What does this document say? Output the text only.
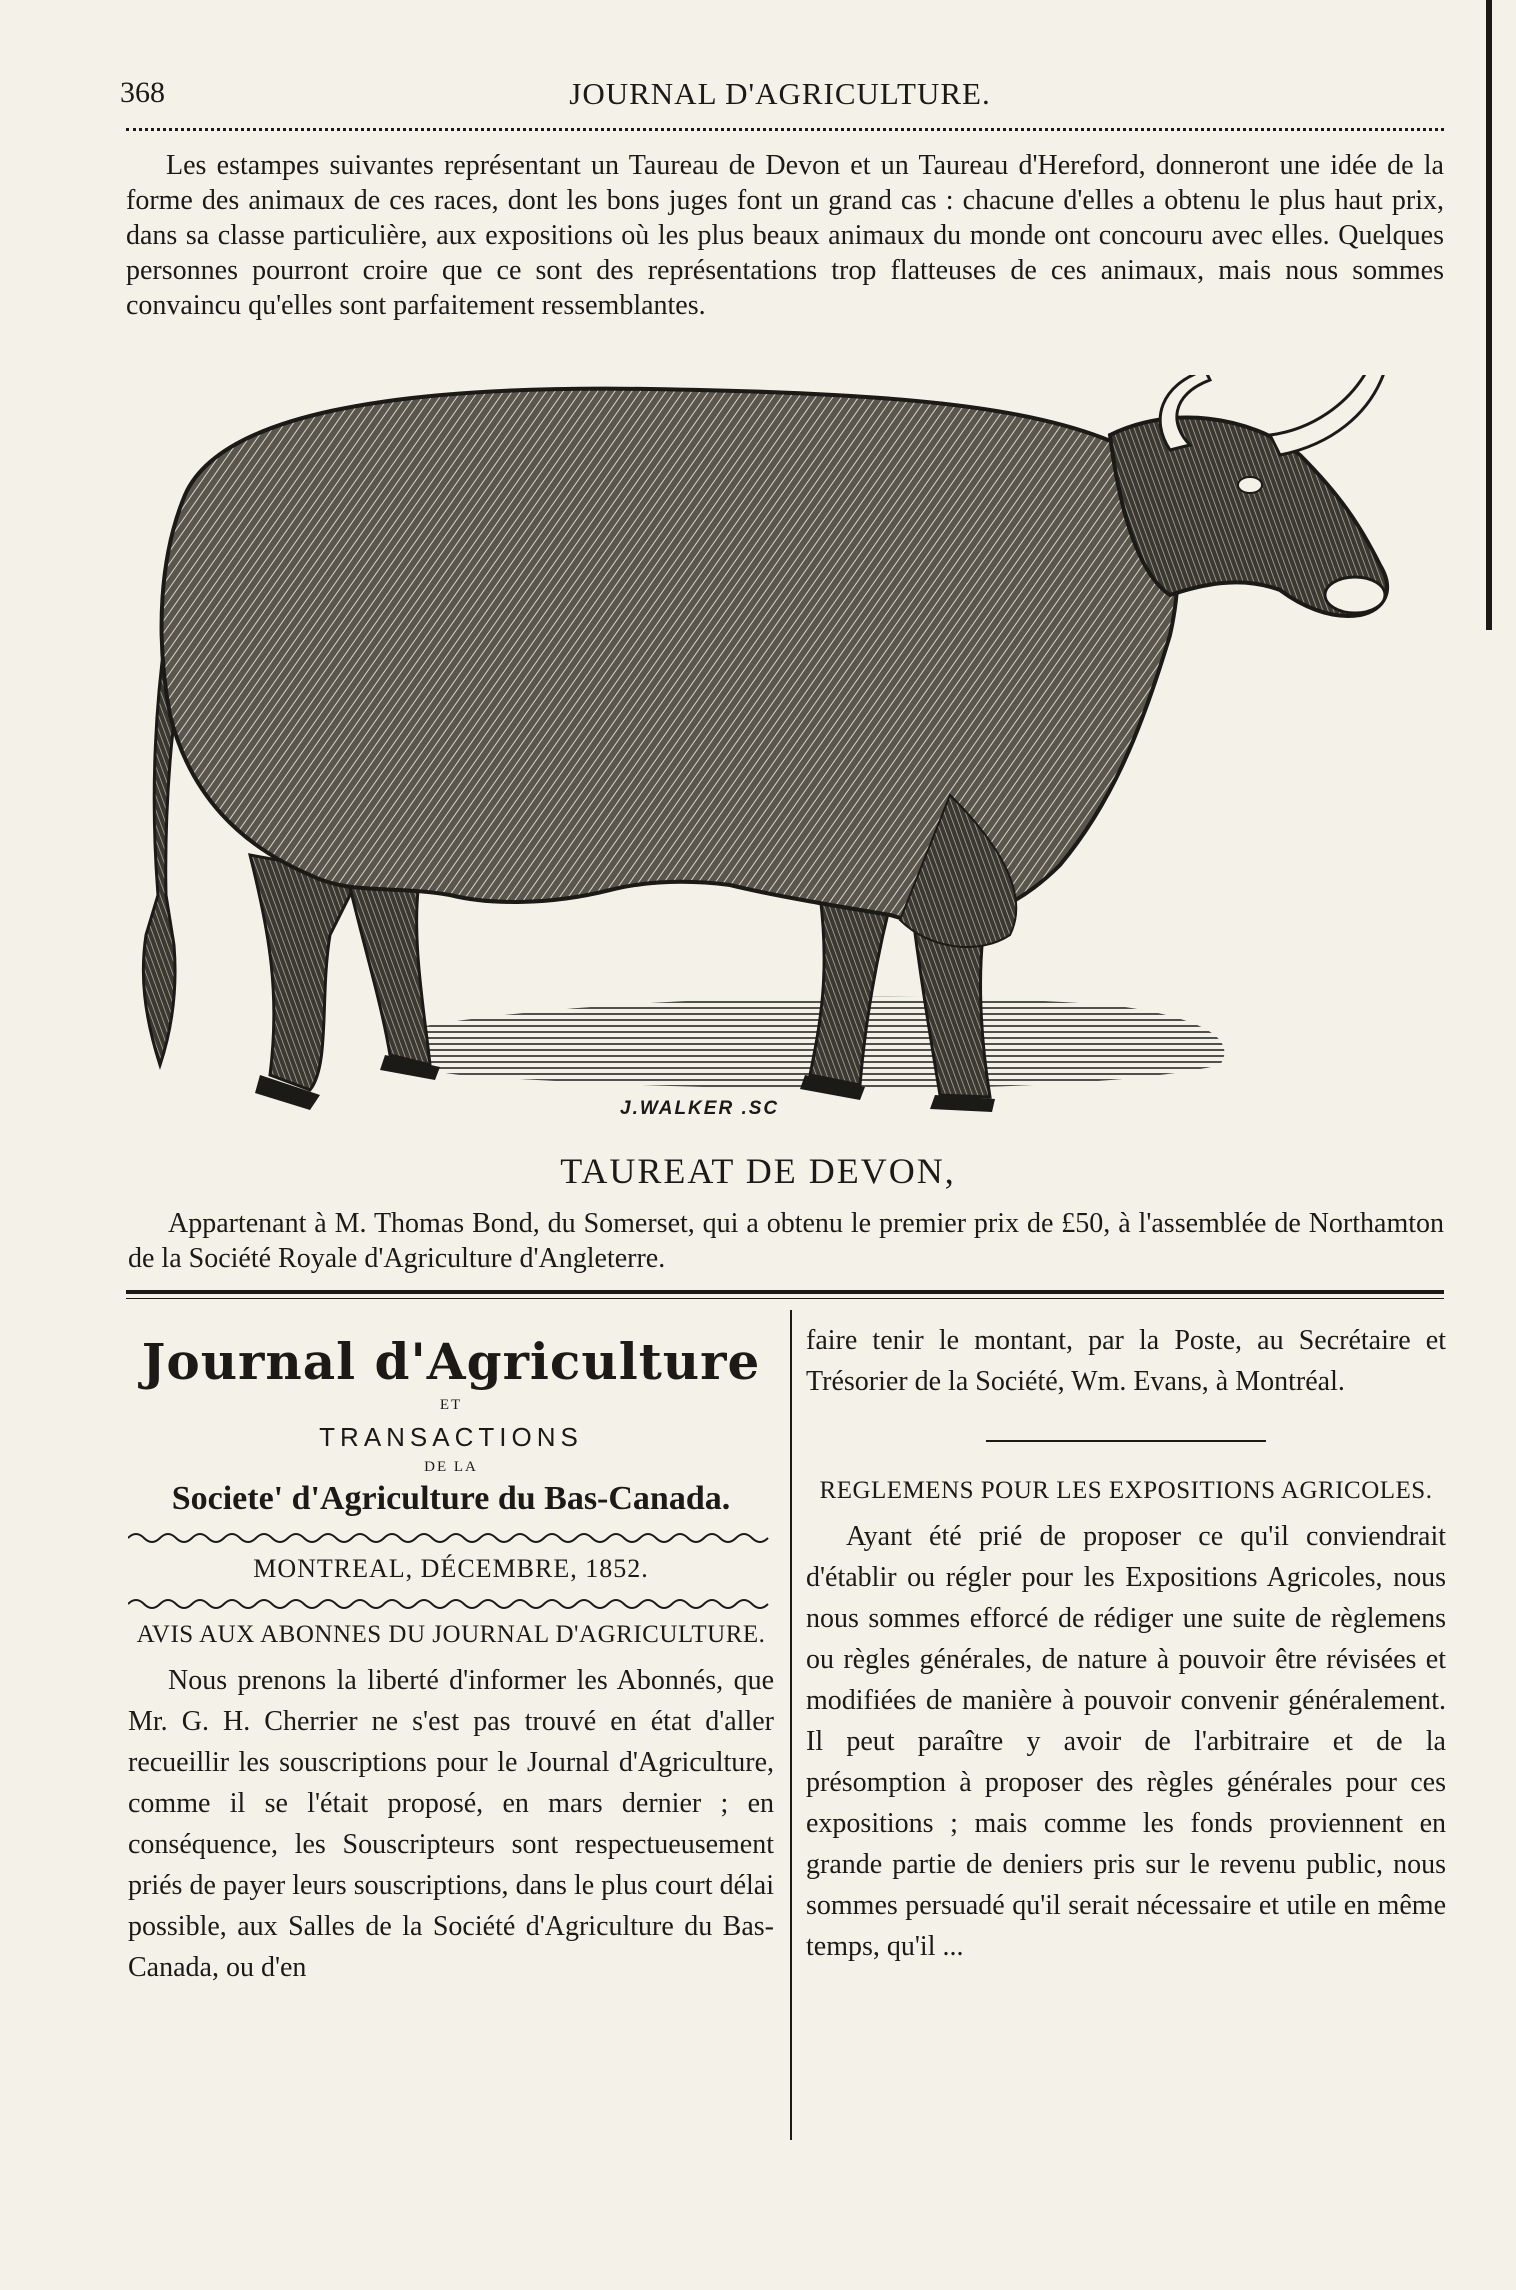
368	JOURNAL D'AGRICULTURE.

Les estampes suivantes représentant un Taureau de Devon et un Taureau d'Hereford, donneront une idée de la forme des animaux de ces races, dont les bons juges font un grand cas : chacune d'elles a obtenu le plus haut prix, dans sa classe particulière, aux expositions où les plus beaux animaux du monde ont concouru avec elles. Quelques personnes pourront croire que ce sont des représentations trop flatteuses de ces animaux, mais nous sommes convaincu qu'elles sont parfaitement ressemblantes.

J.WALKER .SC
TAUREAT DE DEVON,

Appartenant à M. Thomas Bond, du Somerset, qui a obtenu le premier prix de £50, à l'assemblée de Northamton de la Société Royale d'Agriculture d'Angleterre.

Journal d'Agriculture
ET
TRANSACTIONS
DE LA
Societe' d'Agriculture du Bas-Canada.
MONTREAL, DÉCEMBRE, 1852.
AVIS AUX ABONNES DU JOURNAL D'AGRICULTURE.

Nous prenons la liberté d'informer les Abonnés, que Mr. G. H. Cherrier ne s'est pas trouvé en état d'aller recueillir les souscriptions pour le Journal d'Agriculture, comme il se l'était proposé, en mars dernier ; en conséquence, les Souscripteurs sont respectueusement priés de payer leurs souscriptions, dans le plus court délai possible, aux Salles de la Société d'Agriculture du Bas-Canada, ou d'en

faire tenir le montant, par la Poste, au Secrétaire et Trésorier de la Société, Wm. Evans, à Montréal.

REGLEMENS POUR LES EXPOSITIONS AGRICOLES.

Ayant été prié de proposer ce qu'il conviendrait d'établir ou régler pour les Expositions Agricoles, nous nous sommes efforcé de rédiger une suite de règlemens ou règles générales, de nature à pouvoir être révisées et modifiées de manière à pouvoir convenir généralement. Il peut paraître y avoir de l'arbitraire et de la présomption à proposer des règles générales pour ces expositions ; mais comme les fonds proviennent en grande partie de deniers pris sur le revenu public, nous sommes persuadé qu'il serait nécessaire et utile en même temps, qu'il ...
